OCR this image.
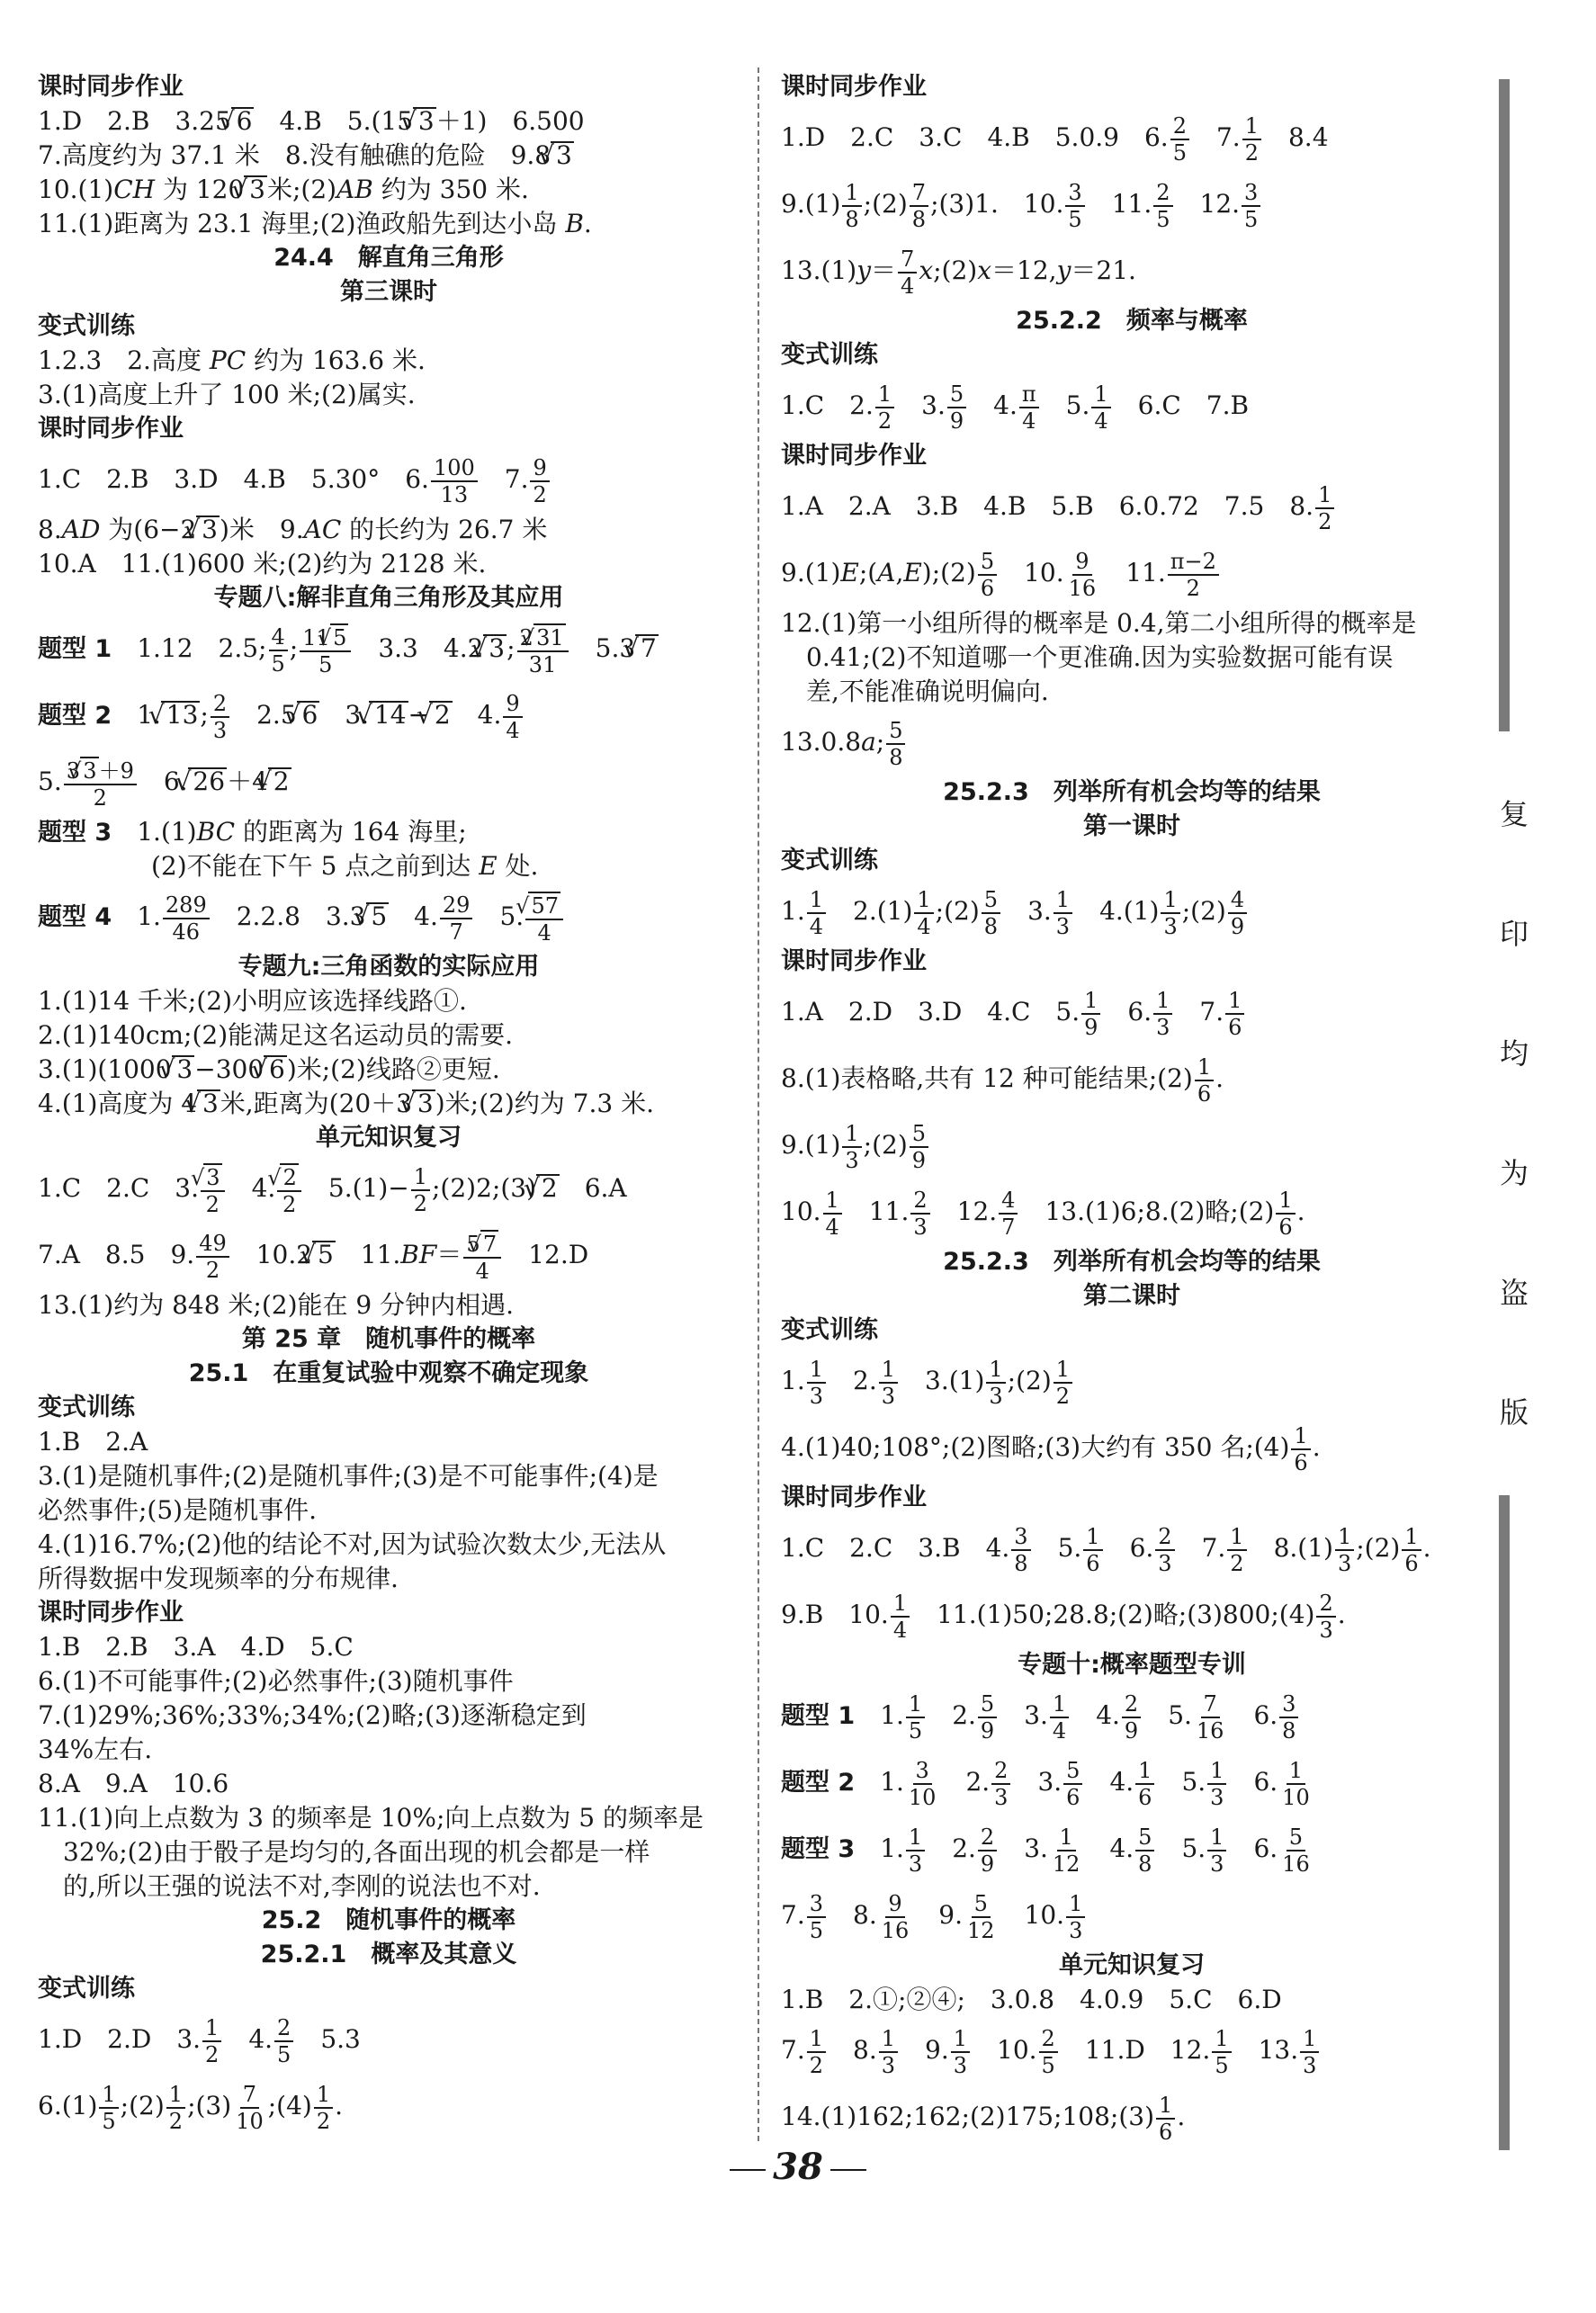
课时同步作业
1.D　2.B　3.25 √ 6　4.B　5.(15 √ 3＋1)　6.500
7.高度约为 37.1 米　8.没有触礁的危险　9.8 √ 3
10.(1)CH 为 120 √ 3米;(2)AB 约为 350 米.
11.(1)距离为 23.1 海里;(2)渔政船先到达小岛 B.
24.4　解直角三角形
第三课时
变式训练
1.2.3　2.高度 PC 约为 163.6 米.
3.(1)高度上升了 100 米;(2)属实.
课时同步作业
1.C　2.B　3.D　4.B　5.30°　6. $\frac{100}{13}$ 　7. $\frac{9}{2}$
8.AD 为(6−2 √ 3)米　9.AC 的长约为 26.7 米
10.A　11.(1)600 米;(2)约为 2128 米.
专题八:解非直角三角形及其应用
题型 1　1.12　2.5; $\frac{4}{5}$ ; $\frac{11 √ 5}{5}$ 　3.3　4.2 √ 3; $\frac{2 √ 31}{31}$ 　5.3 √ 7
题型 2　1. √ 13; $\frac{2}{3}$ 　2.5 √ 6　3. √ 14− √ 2　4. $\frac{9}{4}$
5. $\frac{3 √ 3+9}{2}$ 　6. √ 26＋4 √ 2
题型 3　1.(1)BC 的距离为 164 海里;
　　(2)不能在下午 5 点之前到达 E 处.
题型 4　1. $\frac{289}{46}$ 　2.2.8　3.3 √ 5　4. $\frac{29}{7}$ 　5. √ $\frac{57}{4}$
专题九:三角函数的实际应用
1.(1)14 千米;(2)小明应该选择线路①.
2.(1)140cm;(2)能满足这名运动员的需要.
3.(1)(1000 √ 3−300 √ 6)米;(2)线路②更短.
4.(1)高度为 4 √ 3米,距离为(20＋3 √ 3)米;(2)约为 7.3 米.
单元知识复习
1.C　2.C　3. √ $\frac{3}{2}$ 　4. √ $\frac{2}{2}$ 　$5.(1)- \frac{1}{2}$ ;(2)2;(3) √ 2　6.A
7.A　8.5　9. $\frac{49}{2}$ 　10.2 √ 5　$11.BF= \frac{5 √ 7}{4}$ 　12.D
13.(1)约为 848 米;(2)能在 9 分钟内相遇.
第 25 章　随机事件的概率
25.1　在重复试验中观察不确定现象
变式训练
1.B　2.A
3.(1)是随机事件;(2)是随机事件;(3)是不可能事件;(4)是
必然事件;(5)是随机事件.
4.(1)16.7%;(2)他的结论不对,因为试验次数太少,无法从
所得数据中发现频率的分布规律.
课时同步作业
1.B　2.B　3.A　4.D　5.C
6.(1)不可能事件;(2)必然事件;(3)随机事件
7.(1)29%;36%;33%;34%;(2)略;(3)逐渐稳定到
34%左右.
8.A　9.A　10.6
11.(1)向上点数为 3 的频率是 10%;向上点数为 5 的频率是
　32%;(2)由于骰子是均匀的,各面出现的机会都是一样
　的,所以王强的说法不对,李刚的说法也不对.
25.2　随机事件的概率
25.2.1　概率及其意义
变式训练
1.D　2.D　3. $\frac{1}{2}$ 　4. $\frac{2}{5}$ 　5.3
$6.(1) \frac{1}{5}$ ;(2) $\frac{1}{2}$ ;(3) $\frac{7}{10}$ ;(4) $\frac{1}{2}$ .
课时同步作业
1.D　2.C　3.C　4.B　5.0.9　6. $\frac{2}{5}$ 　7. $\frac{1}{2}$ 　8.4
$9.(1) \frac{1}{8}$ ;(2) $\frac{7}{8}$ ;(3)1.　10. $\frac{3}{5}$ 　11. $\frac{2}{5}$ 　12. $\frac{3}{5}$
$13.(1)y= \frac{7}{4}$ x;(2)x＝12,y＝21.
25.2.2　频率与概率
变式训练
1.C　2. $\frac{1}{2}$ 　3. $\frac{5}{9}$ 　4. $\frac{\pi}{4}$ 　5. $\frac{1}{4}$ 　6.C　7.B
课时同步作业
1.A　2.A　3.B　4.B　5.B　6.0.72　7.5　8. $\frac{1}{2}$
9.(1)E;(A,E);(2) $\frac{5}{6}$ 　10. $\frac{9}{16}$ 　11. $\frac{\pi-2}{2}$
12.(1)第一小组所得的概率是 0.4,第二小组所得的概率是
　0.41;(2)不知道哪一个更准确.因为实验数据可能有误
　差,不能准确说明偏向.
13.0.8a; $\frac{5}{8}$
25.2.3　列举所有机会均等的结果
第一课时
变式训练
1. $\frac{1}{4}$ 　$2.(1) \frac{1}{4}$ ;(2) $\frac{5}{8}$ 　3. $\frac{1}{3}$ 　$4.(1) \frac{1}{3}$ ;(2) $\frac{4}{9}$
课时同步作业
1.A　2.D　3.D　4.C　5. $\frac{1}{9}$ 　6. $\frac{1}{3}$ 　7. $\frac{1}{6}$
8.(1)表格略,共有 12 种可能结果;(2) $\frac{1}{6}$ .
$9.(1) \frac{1}{3}$ ;(2) $\frac{5}{9}$
10. $\frac{1}{4}$ 　11. $\frac{2}{3}$ 　12. $\frac{4}{7}$ 　13.(1)6;8.(2)略;(2) $\frac{1}{6}$ .
25.2.3　列举所有机会均等的结果
第二课时
变式训练
1. $\frac{1}{3}$ 　2. $\frac{1}{3}$ 　$3.(1) \frac{1}{3}$ ;(2) $\frac{1}{2}$
4.(1)40;108°;(2)图略;(3)大约有 350 名;(4) $\frac{1}{6}$ .
课时同步作业
1.C　2.C　3.B　4. $\frac{3}{8}$ 　5. $\frac{1}{6}$ 　6. $\frac{2}{3}$ 　7. $\frac{1}{2}$ 　$8.(1) \frac{1}{3}$ ;(2) $\frac{1}{6}$ .
9.B　10. $\frac{1}{4}$ 　11.(1)50;28.8;(2)略;(3)800;(4) $\frac{2}{3}$ .
专题十:概率题型专训
题型 1　1. $\frac{1}{5}$ 　2. $\frac{5}{9}$ 　3. $\frac{1}{4}$ 　4. $\frac{2}{9}$ 　5. $\frac{7}{16}$ 　6. $\frac{3}{8}$
题型 2　1. $\frac{3}{10}$ 　2. $\frac{2}{3}$ 　3. $\frac{5}{6}$ 　4. $\frac{1}{6}$ 　5. $\frac{1}{3}$ 　6. $\frac{1}{10}$
题型 3　1. $\frac{1}{3}$ 　2. $\frac{2}{9}$ 　3. $\frac{1}{12}$ 　4. $\frac{5}{8}$ 　5. $\frac{1}{3}$ 　6. $\frac{5}{16}$
7. $\frac{3}{5}$ 　8. $\frac{9}{16}$ 　9. $\frac{5}{12}$ 　10. $\frac{1}{3}$
单元知识复习
1.B　2.①;②④;　3.0.8　4.0.9　5.C　6.D
7. $\frac{1}{2}$ 　8. $\frac{1}{3}$ 　9. $\frac{1}{3}$ 　10. $\frac{2}{5}$ 　11.D　12. $\frac{1}{5}$ 　13. $\frac{1}{3}$
14.(1)162;162;(2)175;108;(3) $\frac{1}{6}$ .
复
印
均
为
盗
版
38
